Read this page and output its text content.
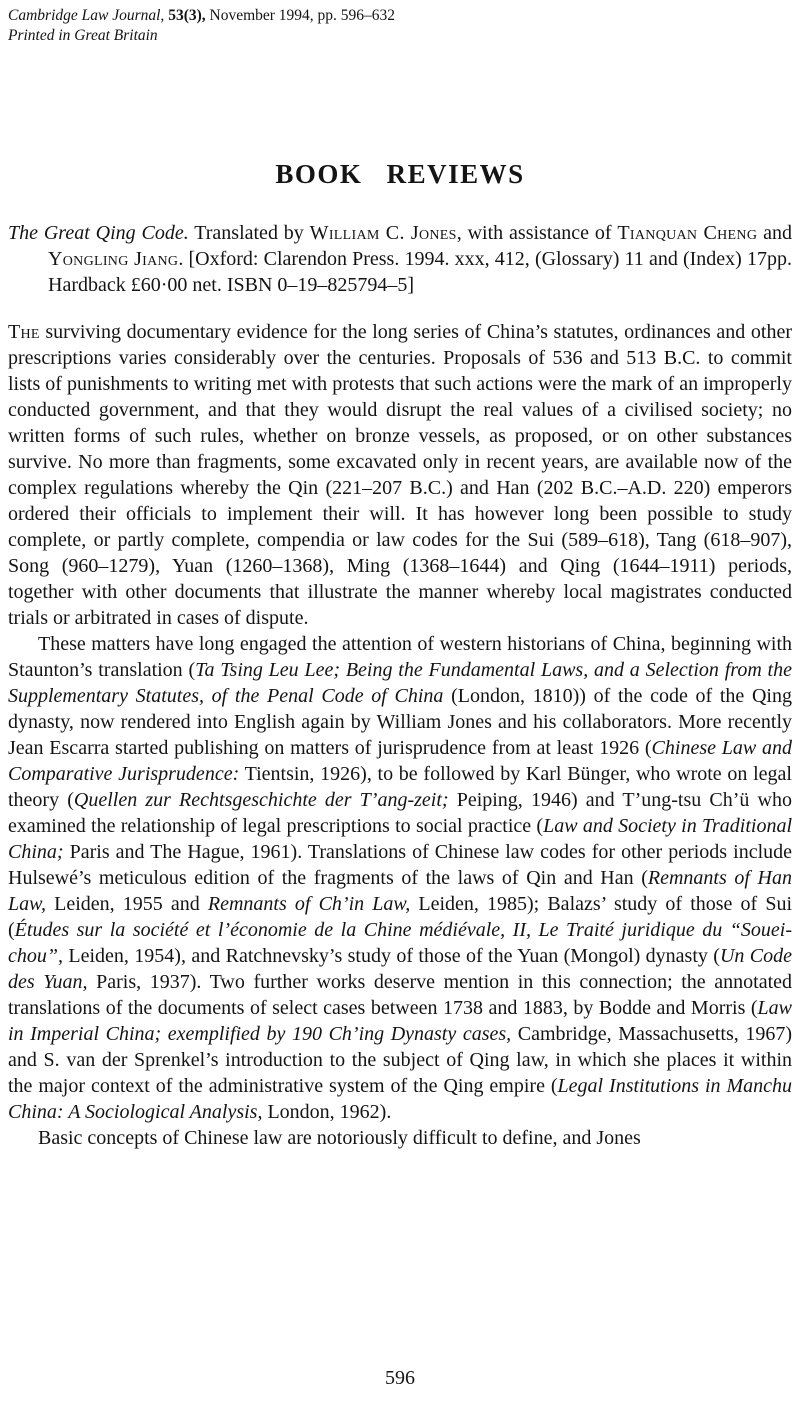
Cambridge Law Journal, 53(3), November 1994, pp. 596–632
Printed in Great Britain
BOOK REVIEWS
The Great Qing Code. Translated by William C. Jones, with assistance of Tianquan Cheng and Yongling Jiang. [Oxford: Clarendon Press. 1994. xxx, 412, (Glossary) 11 and (Index) 17pp. Hardback £60·00 net. ISBN 0–19–825794–5]

The surviving documentary evidence for the long series of China’s statutes, ordinances and other prescriptions varies considerably over the centuries. Proposals of 536 and 513 B.C. to commit lists of punishments to writing met with protests that such actions were the mark of an improperly conducted government, and that they would disrupt the real values of a civilised society; no written forms of such rules, whether on bronze vessels, as proposed, or on other substances survive. No more than fragments, some excavated only in recent years, are available now of the complex regulations whereby the Qin (221–207 B.C.) and Han (202 B.C.–A.D. 220) emperors ordered their officials to implement their will. It has however long been possible to study complete, or partly complete, compendia or law codes for the Sui (589–618), Tang (618–907), Song (960–1279), Yuan (1260–1368), Ming (1368–1644) and Qing (1644–1911) periods, together with other documents that illustrate the manner whereby local magistrates conducted trials or arbitrated in cases of dispute.

These matters have long engaged the attention of western historians of China, beginning with Staunton’s translation (Ta Tsing Leu Lee; Being the Fundamental Laws, and a Selection from the Supplementary Statutes, of the Penal Code of China (London, 1810)) of the code of the Qing dynasty, now rendered into English again by William Jones and his collaborators. More recently Jean Escarra started publishing on matters of jurisprudence from at least 1926 (Chinese Law and Comparative Jurisprudence: Tientsin, 1926), to be followed by Karl Bünger, who wrote on legal theory (Quellen zur Rechtsgeschichte der T’ang-zeit; Peiping, 1946) and T’ung-tsu Ch’ü who examined the relationship of legal prescriptions to social practice (Law and Society in Traditional China; Paris and The Hague, 1961). Translations of Chinese law codes for other periods include Hulsewé’s meticulous edition of the fragments of the laws of Qin and Han (Remnants of Han Law, Leiden, 1955 and Remnants of Ch’in Law, Leiden, 1985); Balazs’ study of those of Sui (Études sur la société et l’économie de la Chine médiévale, II, Le Traité juridique du “Souei-chou”, Leiden, 1954), and Ratchnevsky’s study of those of the Yuan (Mongol) dynasty (Un Code des Yuan, Paris, 1937). Two further works deserve mention in this connection; the annotated translations of the documents of select cases between 1738 and 1883, by Bodde and Morris (Law in Imperial China; exemplified by 190 Ch’ing Dynasty cases, Cambridge, Massachusetts, 1967) and S. van der Sprenkel’s introduction to the subject of Qing law, in which she places it within the major context of the administrative system of the Qing empire (Legal Institutions in Manchu China: A Sociological Analysis, London, 1962).

Basic concepts of Chinese law are notoriously difficult to define, and Jones

596
